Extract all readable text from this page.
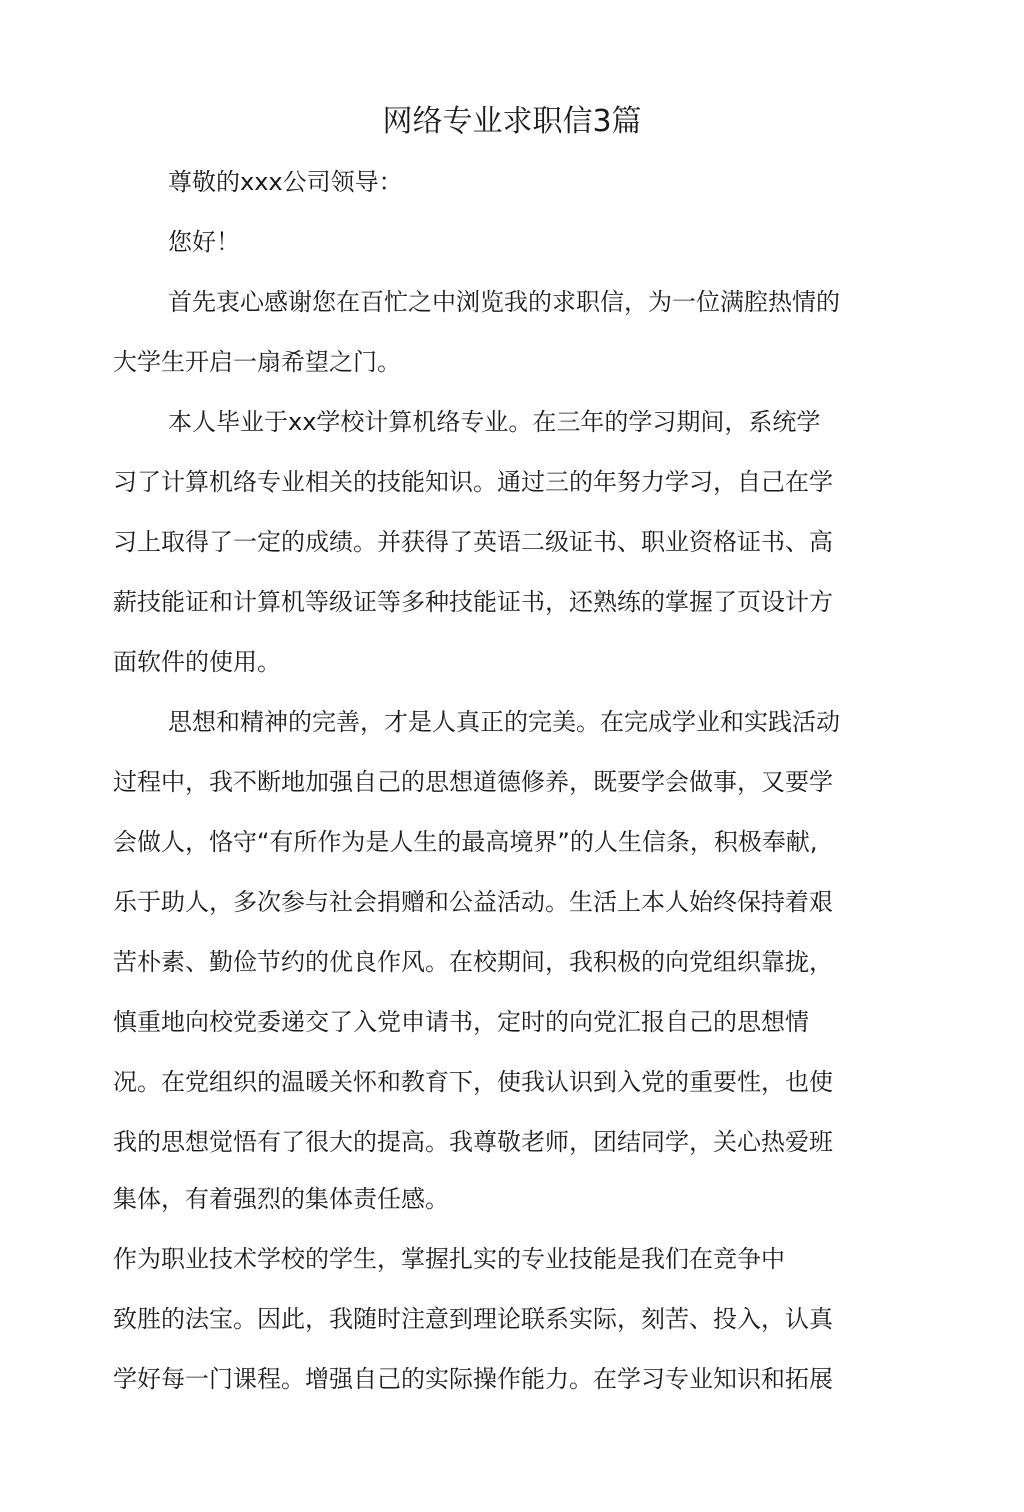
网络专业求职信3篇
尊敬的xxx公司领导：
您好！
首先衷心感谢您在百忙之中浏览我的求职信，为一位满腔热情的
大学生开启一扇希望之门。
本人毕业于xx学校计算机络专业。在三年的学习期间，系统学
习了计算机络专业相关的技能知识。通过三的年努力学习，自己在学
习上取得了一定的成绩。并获得了英语二级证书、职业资格证书、高
薪技能证和计算机等级证等多种技能证书，还熟练的掌握了页设计方
面软件的使用。
思想和精神的完善，才是人真正的完美。在完成学业和实践活动
过程中，我不断地加强自己的思想道德修养，既要学会做事，又要学
会做人，恪守“有所作为是人生的最高境界”的人生信条，积极奉献,
乐于助人，多次参与社会捐赠和公益活动。生活上本人始终保持着艰
苦朴素、勤俭节约的优良作风。在校期间，我积极的向党组织靠拢，
慎重地向校党委递交了入党申请书，定时的向党汇报自己的思想情
况。在党组织的温暖关怀和教育下，使我认识到入党的重要性，也使
我的思想觉悟有了很大的提高。我尊敬老师，团结同学，关心热爱班
集体，有着强烈的集体责任感。
作为职业技术学校的学生，掌握扎实的专业技能是我们在竞争中
致胜的法宝。因此，我随时注意到理论联系实际，刻苦、投入，认真
学好每一门课程。增强自己的实际操作能力。在学习专业知识和拓展
